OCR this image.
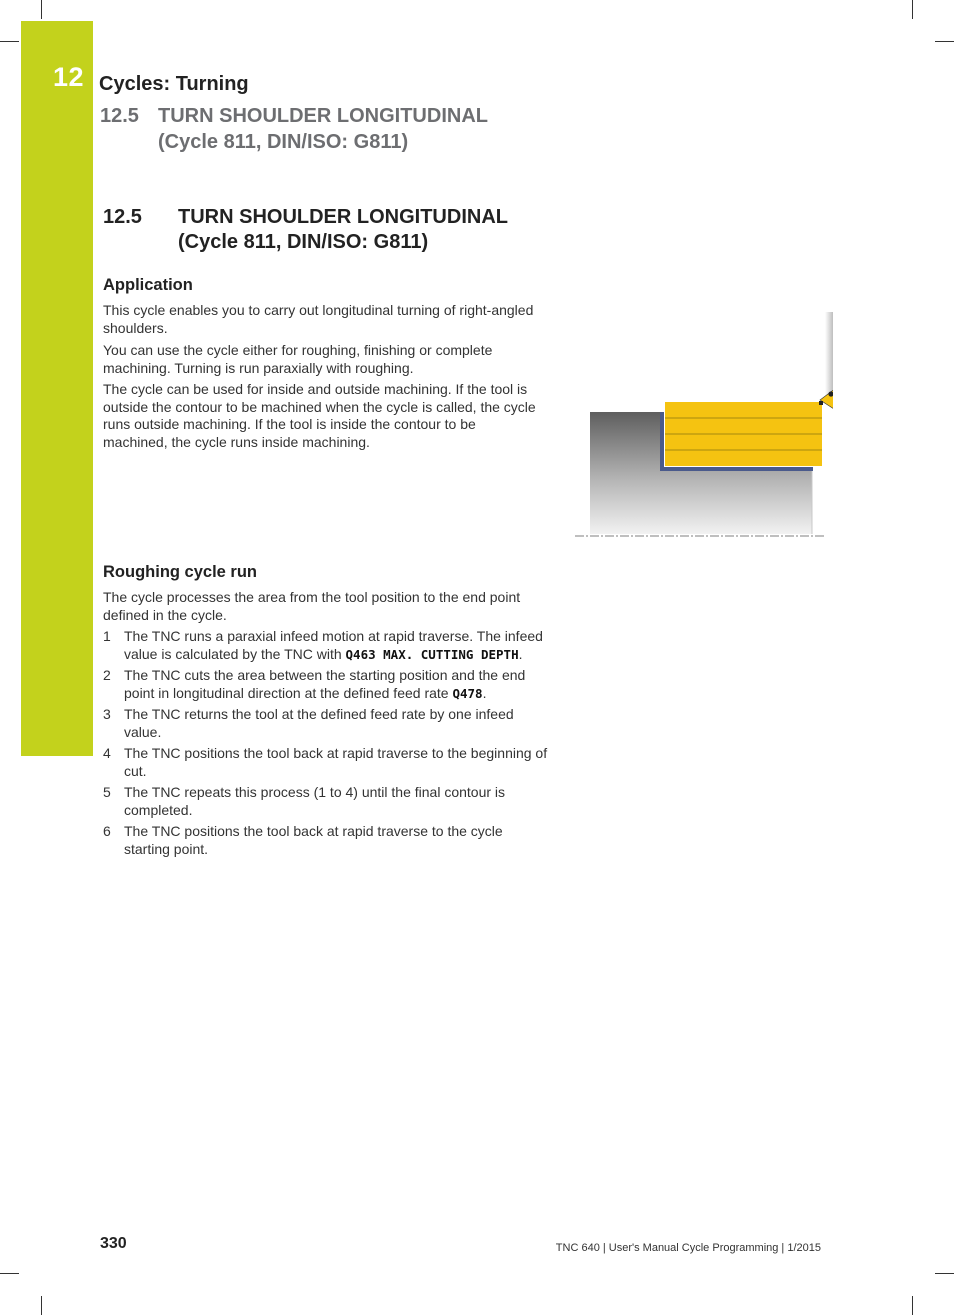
12 Cycles: Turning
12.5 TURN SHOULDER LONGITUDINAL
(Cycle 811, DIN/ISO: G811)
12.5 TURN SHOULDER LONGITUDINAL
(Cycle 811, DIN/ISO: G811)
Application

This cycle enables you to carry out longitudinal turning of right-angled shoulders.

You can use the cycle either for roughing, finishing or complete machining. Turning is run paraxially with roughing.

The cycle can be used for inside and outside machining. If the tool is outside the contour to be machined when the cycle is called, the cycle runs outside machining. If the tool is inside the contour to be machined, the cycle runs inside machining.

Roughing cycle run

The cycle processes the area from the tool position to the end point defined in the cycle.

1 The TNC runs a paraxial infeed motion at rapid traverse. The infeed value is calculated by the TNC with Q463 MAX. CUTTING DEPTH.
2 The TNC cuts the area between the starting position and the end point in longitudinal direction at the defined feed rate Q478.
3 The TNC returns the tool at the defined feed rate by one infeed value.
4 The TNC positions the tool back at rapid traverse to the beginning of cut.
5 The TNC repeats this process (1 to 4) until the final contour is completed.
6 The TNC positions the tool back at rapid traverse to the cycle starting point.
330	TNC 640 | User's Manual Cycle Programming | 1/2015
